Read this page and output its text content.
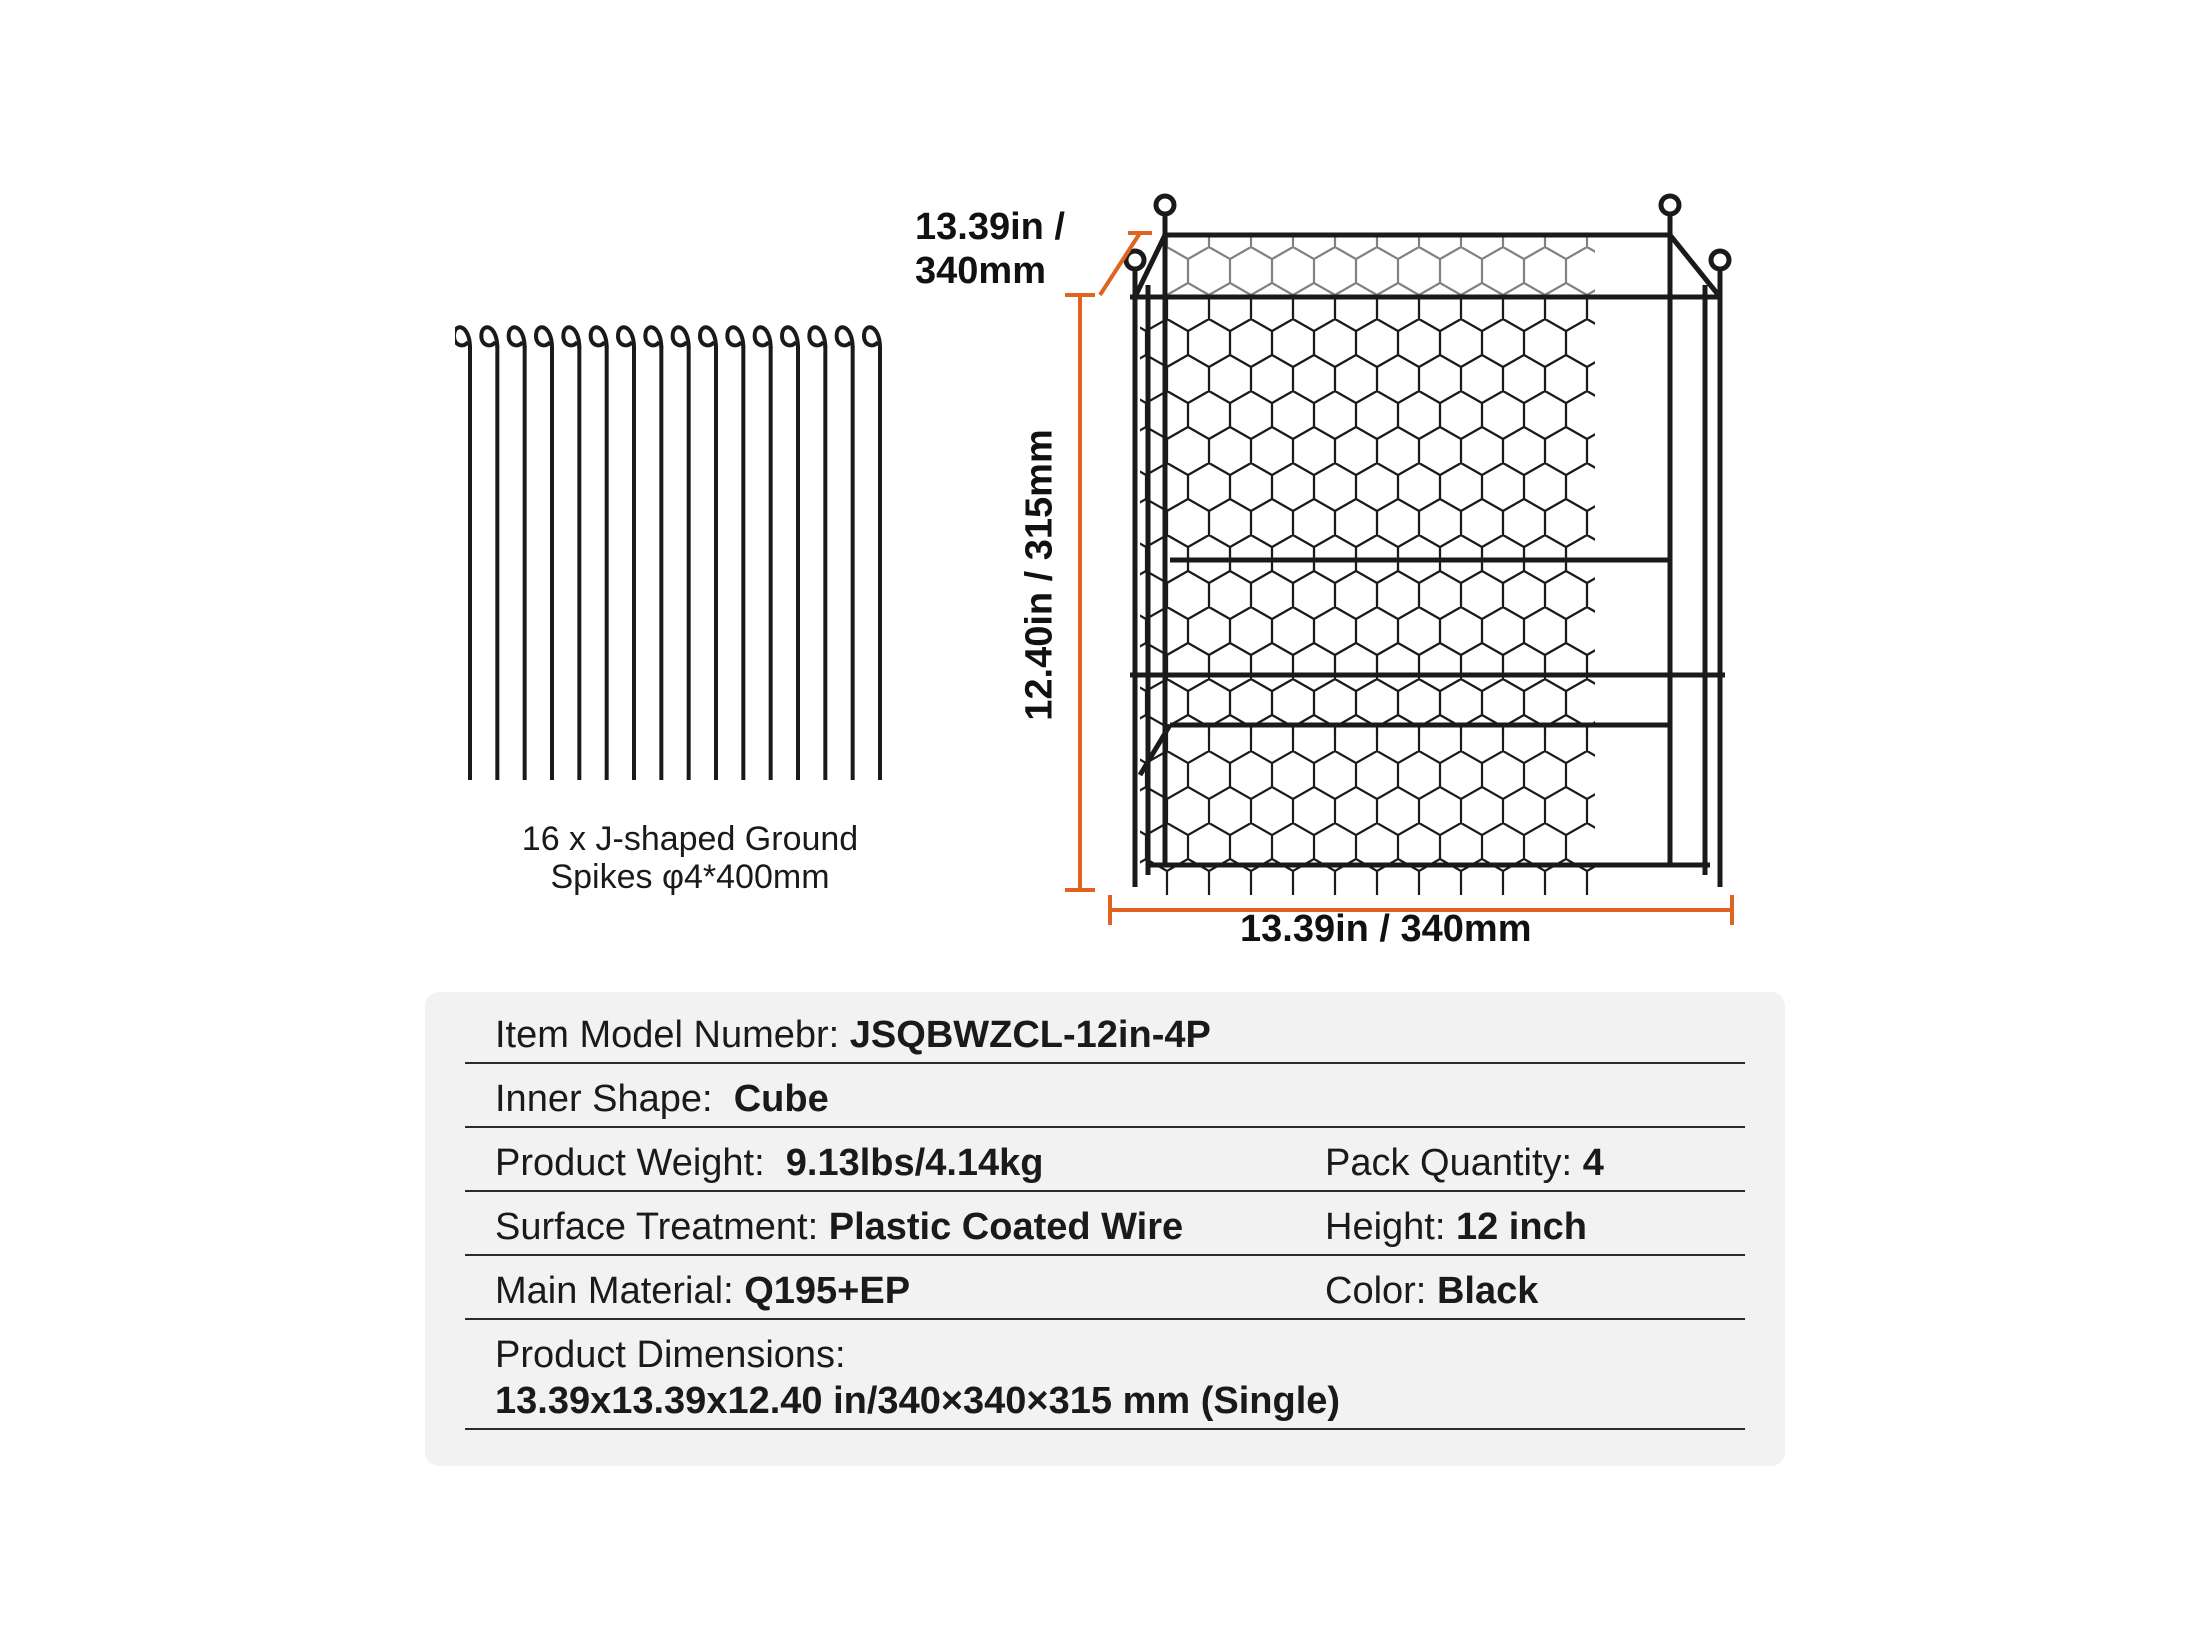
16 x J-shaped Ground
Spikes φ4*400mm
13.39in /
340mm
12.40in / 315mm
13.39in / 340mm
Item Model Numebr: JSQBWZCL-12in-4P
Inner Shape: Cube
Product Weight: 9.13lbs/4.14kg	Pack Quantity: 4
Surface Treatment: Plastic Coated Wire	Height: 12 inch
Main Material: Q195+EP	Color: Black
Product Dimensions:
13.39x13.39x12.40 in/340×340×315 mm (Single)
